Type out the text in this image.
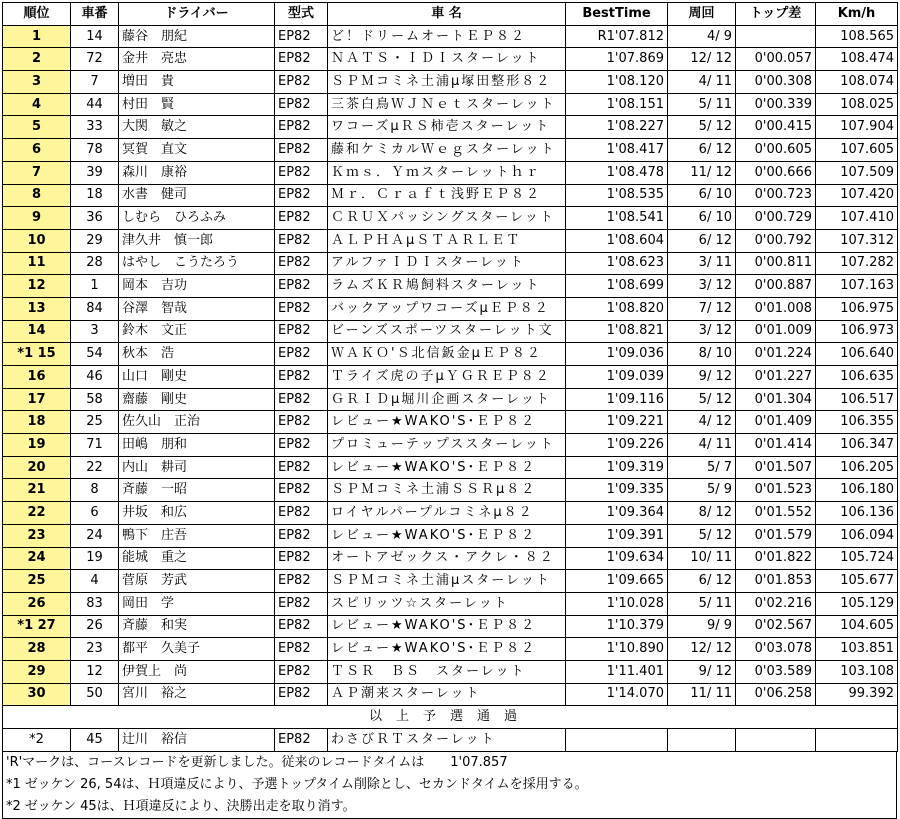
順位	車番	ドライバー	型式	車 名	BestTime	周回	トップ差	Km/h
1	14	藤谷　朋紀	EP82	ど！ドリームオートＥＰ８２	R1'07.812	4/ 9		108.565
2	72	金井　亮忠	EP82	ＮＡＴＳ・ＩＤＩスターレット	1'07.869	12/ 12	0'00.057	108.474
3	7	増田　貴	EP82	ＳＰＭコミネ土浦μ塚田整形８２	1'08.120	4/ 11	0'00.308	108.074
4	44	村田　賢	EP82	三茶白鳥ＷＪＮｅｔスターレット	1'08.151	5/ 11	0'00.339	108.025
5	33	大関　敏之	EP82	ワコーズμＲＳ柿壱スターレット	1'08.227	5/ 12	0'00.415	107.904
6	78	冥賀　直文	EP82	藤和ケミカルＷｅｇスターレット	1'08.417	6/ 12	0'00.605	107.605
7	39	森川　康裕	EP82	Ｋｍｓ．Ｙｍスターレットｈｒ	1'08.478	11/ 12	0'00.666	107.509
8	18	水書　健司	EP82	Ｍｒ．Ｃｒａｆｔ浅野ＥＰ８２	1'08.535	6/ 10	0'00.723	107.420
9	36	しむら　ひろふみ	EP82	ＣＲＵＸパッシングスターレット	1'08.541	6/ 10	0'00.729	107.410
10	29	津久井　慎一郎	EP82	ＡＬＰＨＡμＳＴＡＲＬＥＴ	1'08.604	6/ 12	0'00.792	107.312
11	28	はやし　こうたろう	EP82	アルファＩＤＩスターレット	1'08.623	3/ 11	0'00.811	107.282
12	1	岡本　吉功	EP82	ラムズＫＲ鳩飼料スターレット	1'08.699	3/ 12	0'00.887	107.163
13	84	谷澤　智哉	EP82	バックアップワコーズμＥＰ８２	1'08.820	7/ 12	0'01.008	106.975
14	3	鈴木　文正	EP82	ビーンズスポーツスターレット文	1'08.821	3/ 12	0'01.009	106.973
*1 15	54	秋本　浩	EP82	ＷＡＫＯ'Ｓ北信鈑金μＥＰ８２	1'09.036	8/ 10	0'01.224	106.640
16	46	山口　剛史	EP82	Ｔライズ虎の子μＹＧＲＥＰ８２	1'09.039	9/ 12	0'01.227	106.635
17	58	齋藤　剛史	EP82	ＧＲＩＤμ堀川企画スターレット	1'09.116	5/ 12	0'01.304	106.517
18	25	佐久山　正治	EP82	レビュー★WAKO'S･ＥＰ８２	1'09.221	4/ 12	0'01.409	106.355
19	71	田嶋　朋和	EP82	プロミューテップススターレット	1'09.226	4/ 11	0'01.414	106.347
20	22	内山　耕司	EP82	レビュー★WAKO'S･ＥＰ８２	1'09.319	5/ 7	0'01.507	106.205
21	8	斉藤　一昭	EP82	ＳＰＭコミネ土浦ＳＳＲμ８２	1'09.335	5/ 9	0'01.523	106.180
22	6	井坂　和広	EP82	ロイヤルパープルコミネμ８２	1'09.364	8/ 12	0'01.552	106.136
23	24	鴨下　庄吾	EP82	レビュー★WAKO'S･ＥＰ８２	1'09.391	5/ 12	0'01.579	106.094
24	19	能城　重之	EP82	オートアゼックス・アクレ・８２	1'09.634	10/ 11	0'01.822	105.724
25	4	菅原　芳武	EP82	ＳＰＭコミネ土浦μスターレット	1'09.665	6/ 12	0'01.853	105.677
26	83	岡田　学	EP82	スピリッツ☆スターレット	1'10.028	5/ 11	0'02.216	105.129
*1 27	26	斉藤　和実	EP82	レビュー★WAKO'S･ＥＰ８２	1'10.379	9/ 9	0'02.567	104.605
28	23	都平　久美子	EP82	レビュー★WAKO'S･ＥＰ８２	1'10.890	12/ 12	0'03.078	103.851
29	12	伊賀上　尚	EP82	ＴＳＲ　ＢＳ　スターレット	1'11.401	9/ 12	0'03.589	103.108
30	50	宮川　裕之	EP82	ＡＰ潮来スターレット	1'14.070	11/ 11	0'06.258	99.392
以上予選通過								
*2	45	辻川　裕信	EP82	わさびＲＴスターレット				
'R'マークは、コースレコードを更新しました。従来のレコードタイムは　　1'07.857
*1 ゼッケン 26, 54は、Ｈ項違反により、予選トップタイム削除とし、セカンドタイムを採用する。
*2 ゼッケン 45は、Ｈ項違反により、決勝出走を取り消す。
